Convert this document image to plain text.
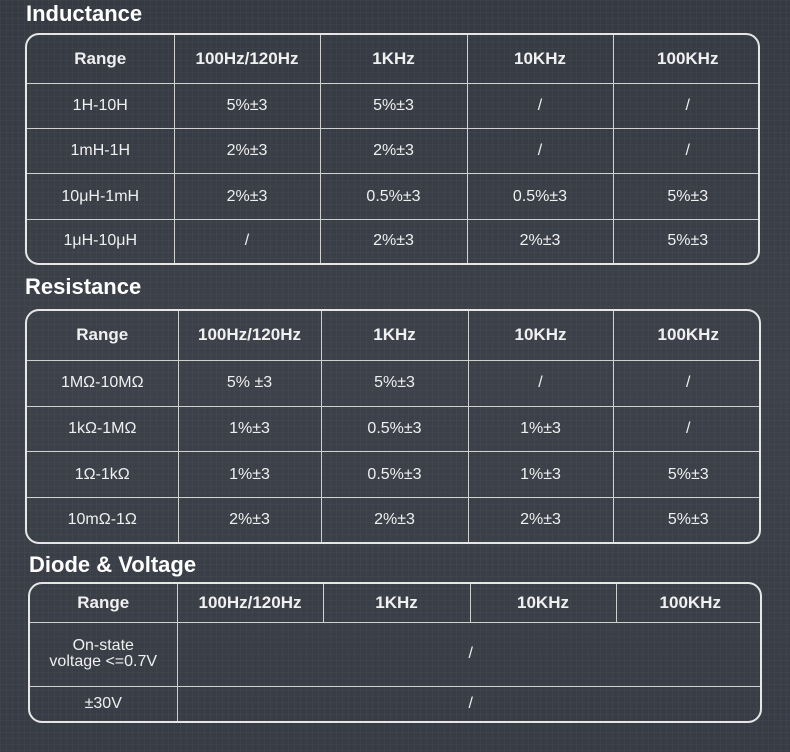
Inductance
Range	100Hz/120Hz	1KHz	10KHz	100KHz
1H-10H	5%±3	5%±3	/	/
1mH-1H	2%±3	2%±3	/	/
10μH-1mH	2%±3	0.5%±3	0.5%±3	5%±3
1μH-10μH	/	2%±3	2%±3	5%±3
Resistance
Range	100Hz/120Hz	1KHz	10KHz	100KHz
1MΩ-10MΩ	5% ±3	5%±3	/	/
1kΩ-1MΩ	1%±3	0.5%±3	1%±3	/
1Ω-1kΩ	1%±3	0.5%±3	1%±3	5%±3
10mΩ-1Ω	2%±3	2%±3	2%±3	5%±3
Diode & Voltage
Range	100Hz/120Hz	1KHz	10KHz	100KHz
On-state
voltage <=0.7V	/			
±30V	/			
